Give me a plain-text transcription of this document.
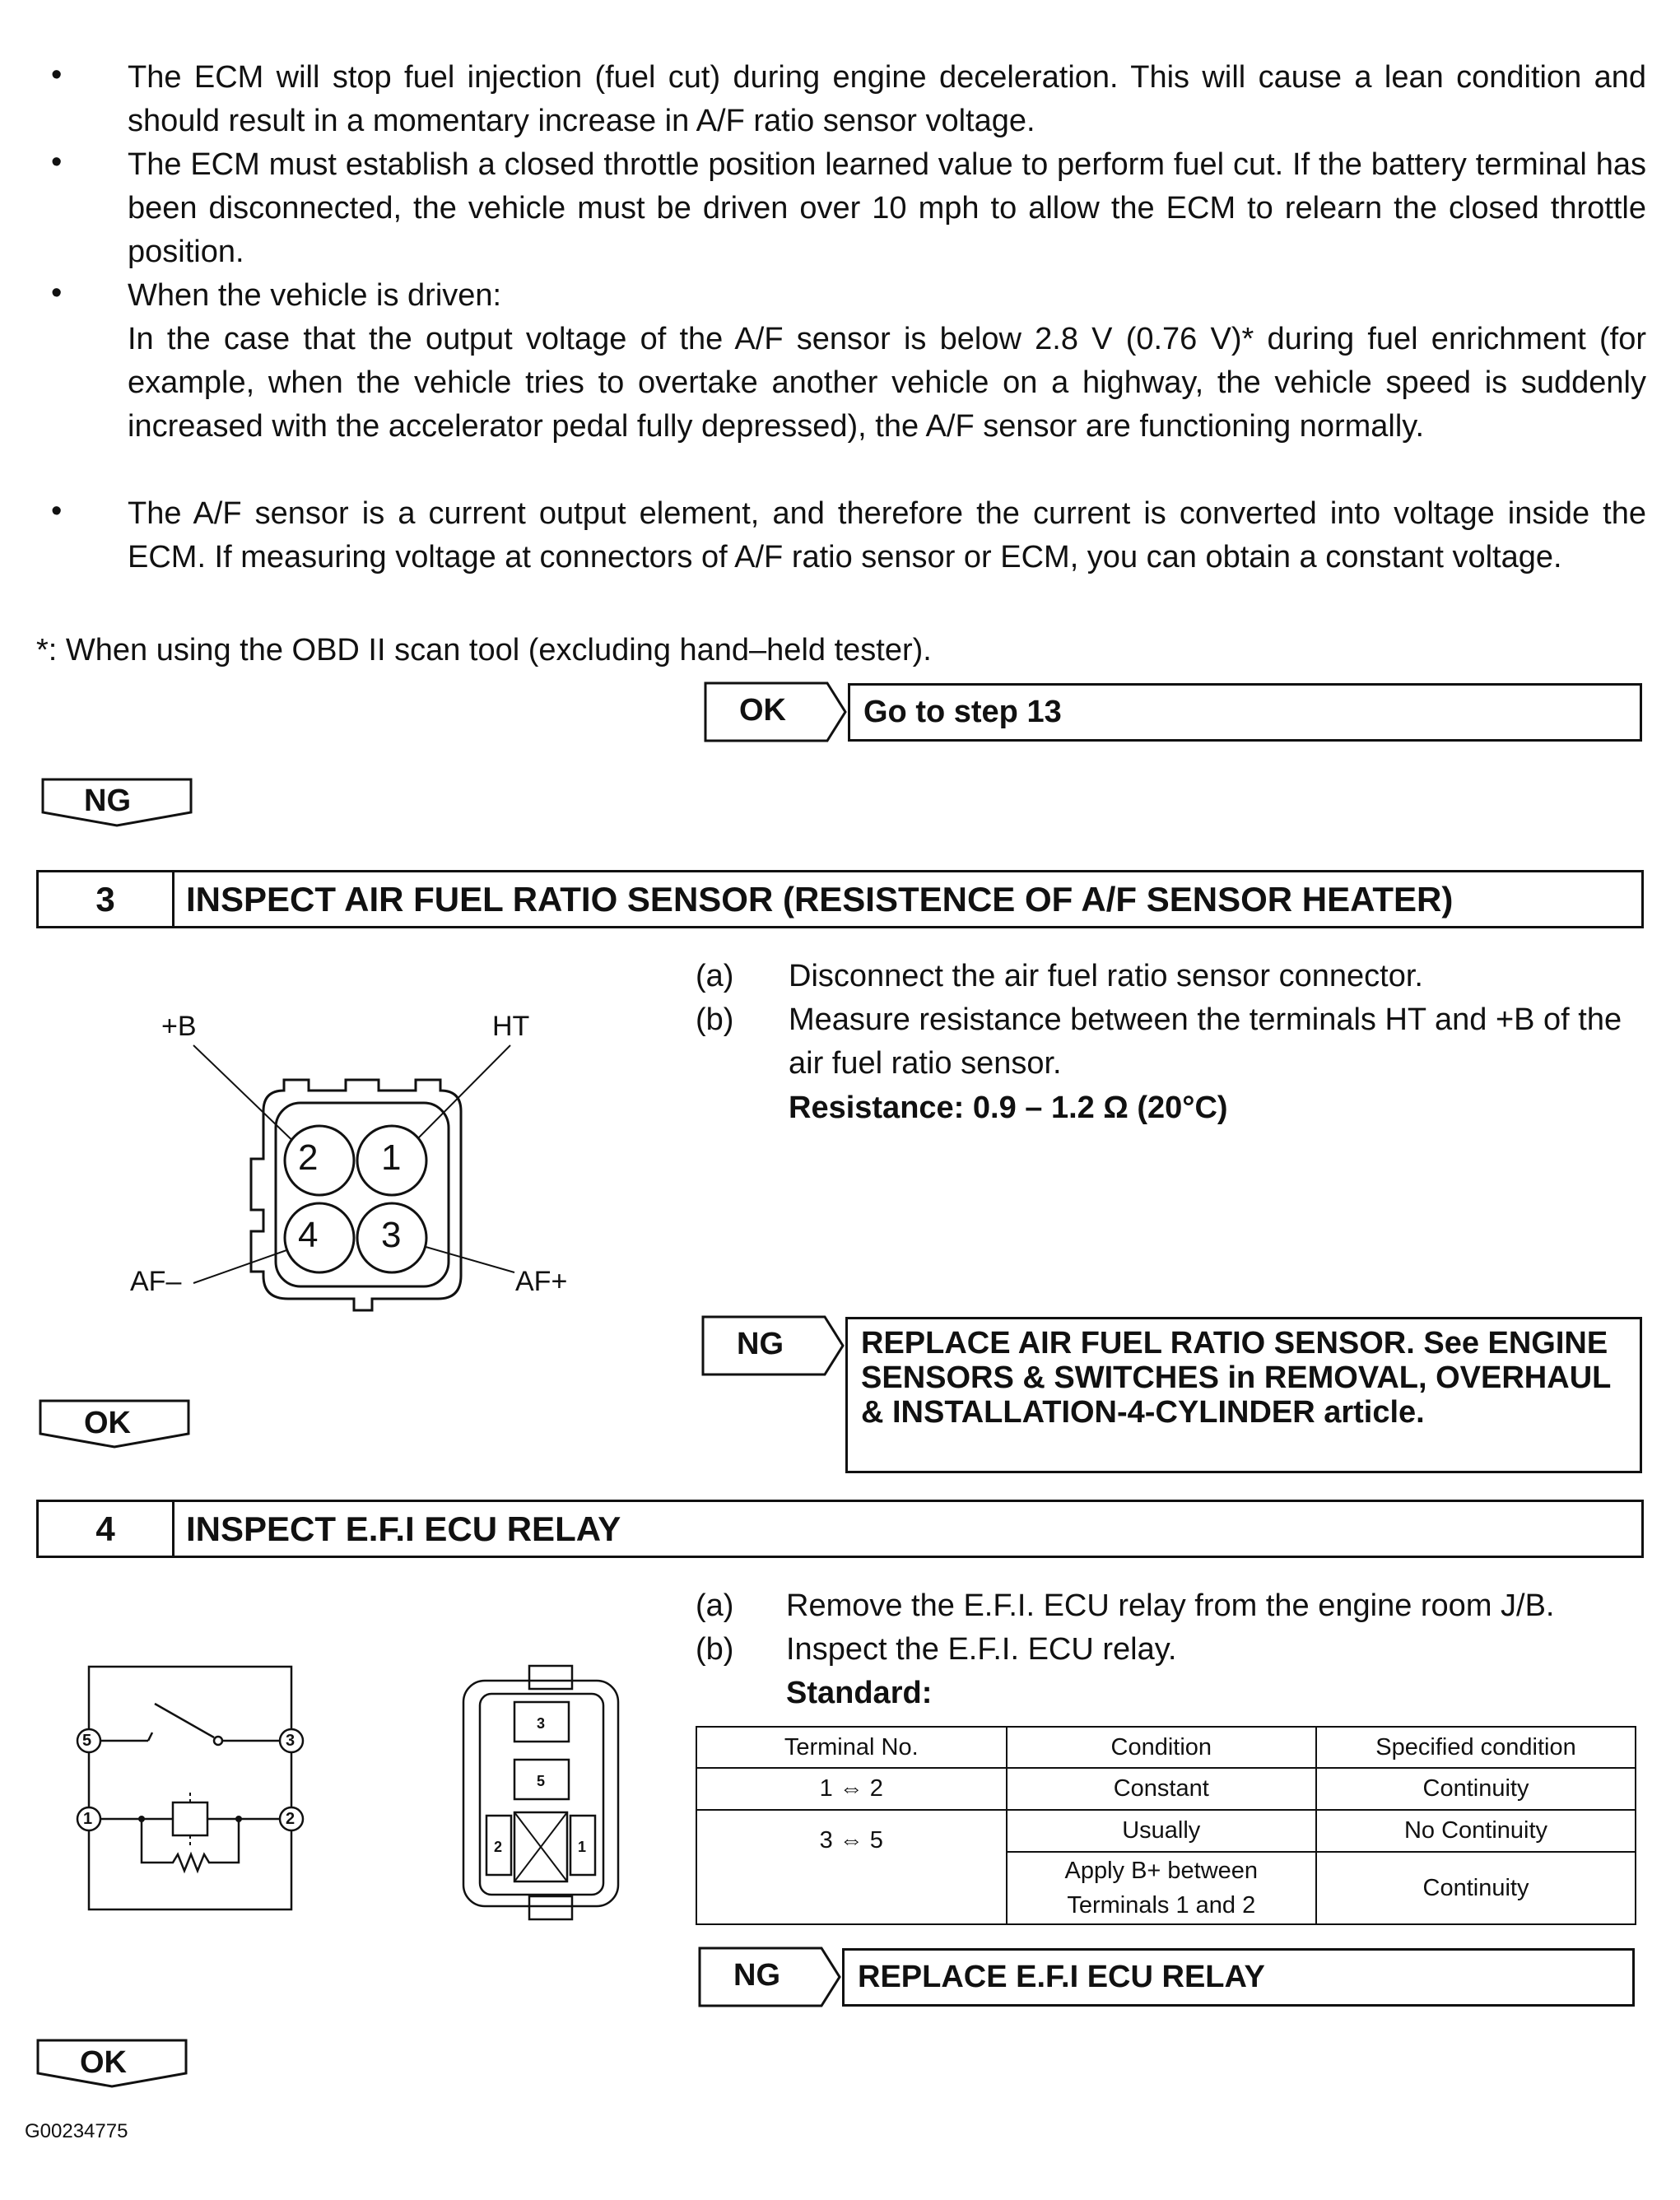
• The ECM will stop fuel injection (fuel cut) during engine deceleration. This will cause a lean condition and should result in a momentary increase in A/F ratio sensor voltage.
• The ECM must establish a closed throttle position learned value to perform fuel cut. If the battery terminal has been disconnected, the vehicle must be driven over 10 mph to allow the ECM to relearn the closed throttle position.
• When the vehicle is driven:
In the case that the output voltage of the A/F sensor is below 2.8 V (0.76 V)* during fuel enrichment (for example, when the vehicle tries to overtake another vehicle on a highway, the vehicle speed is suddenly increased with the accelerator pedal fully depressed), the A/F sensor are functioning normally.
• The A/F sensor is a current output element, and therefore the current is converted into voltage inside the ECM. If measuring voltage at connectors of A/F ratio sensor or ECM, you can obtain a constant voltage.
*: When using the OBD II scan tool (excluding hand–held tester).
OK	Go to step 13
NG
3	INSPECT AIR FUEL RATIO SENSOR (RESISTENCE OF A/F SENSOR HEATER)
(a) Disconnect the air fuel ratio sensor connector.
(b) Measure resistance between the terminals HT and +B of the air fuel ratio sensor.
Resistance: 0.9 – 1.2 Ω (20°C)
+B	HT
AF–	AF+
2 1
4 3
NG	REPLACE AIR FUEL RATIO SENSOR. See ENGINE SENSORS & SWITCHES in REMOVAL, OVERHAUL & INSTALLATION-4-CYLINDER article.
OK
4	INSPECT E.F.I ECU RELAY
(a) Remove the E.F.I. ECU relay from the engine room J/B.
(b) Inspect the E.F.I. ECU relay.
Standard:
Terminal No.	Condition	Specified condition
1 ⇔ 2	Constant	Continuity
3 ⇔ 5	Usually	No Continuity
	Apply B+ between Terminals 1 and 2	Continuity
5	3
1	2
3
5
2	1
NG	REPLACE E.F.I ECU RELAY
OK
G00234775
